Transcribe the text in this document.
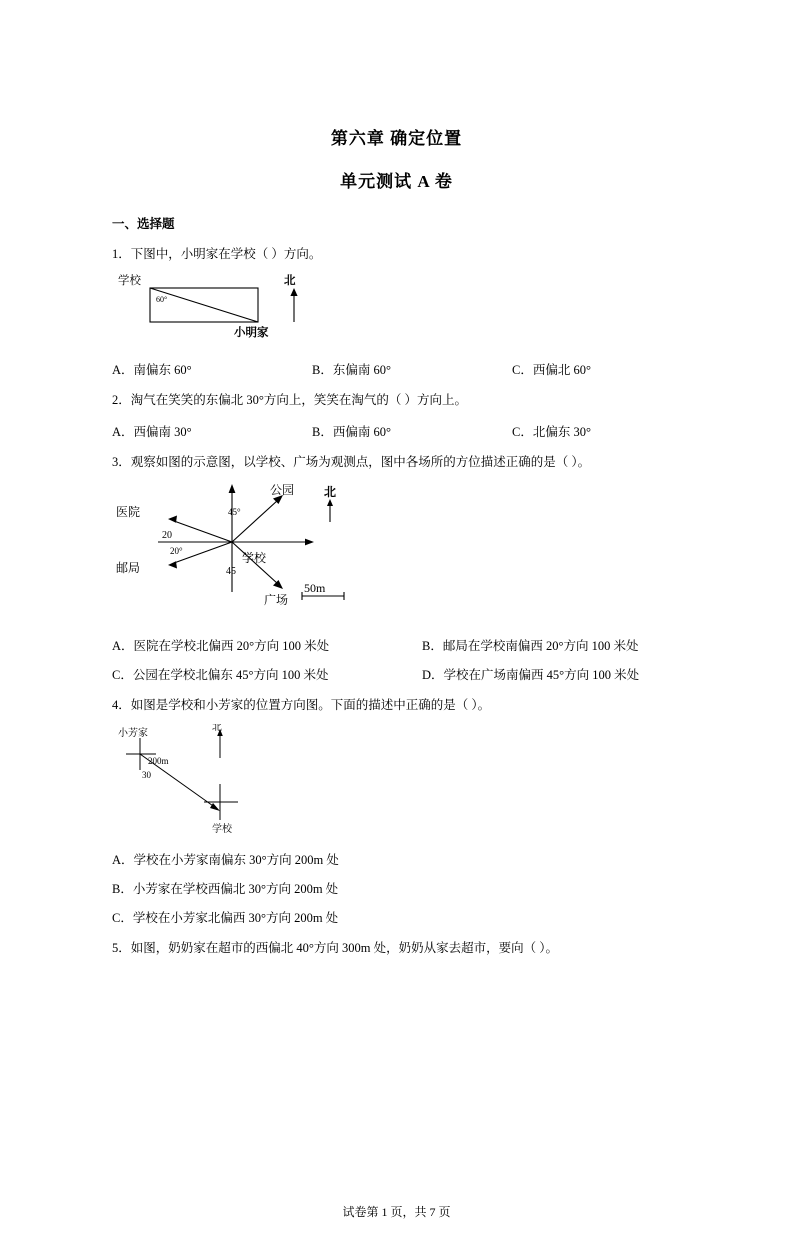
第六章 确定位置
单元测试 A 卷
一、选择题
1．下图中，小明家在学校（ ）方向。
学校	北
60°
小明家
A．南偏东 60°	B．东偏南 60°	C．西偏北 60°
2．淘气在笑笑的东偏北 30°方向上，笑笑在淘气的（ ）方向上。
A．西偏南 30°	B．西偏南 60°	C．北偏东 30°
3．观察如图的示意图，以学校、广场为观测点，图中各场所的方位描述正确的是（ ）。
公园 北
医院
邮局
学校
广场
45°
20
20°
45
50m
A．医院在学校北偏西 20°方向 100 米处	B．邮局在学校南偏西 20°方向 100 米处
C．公园在学校北偏东 45°方向 100 米处	D．学校在广场南偏西 45°方向 100 米处
4．如图是学校和小芳家的位置方向图。下面的描述中正确的是（ ）。
北
小芳家
200m
30
学校
A．学校在小芳家南偏东 30°方向 200m 处
B．小芳家在学校西偏北 30°方向 200m 处
C．学校在小芳家北偏西 30°方向 200m 处
5．如图，奶奶家在超市的西偏北 40°方向 300m 处，奶奶从家去超市，要向（ ）。
试卷第 1 页，共 7 页
